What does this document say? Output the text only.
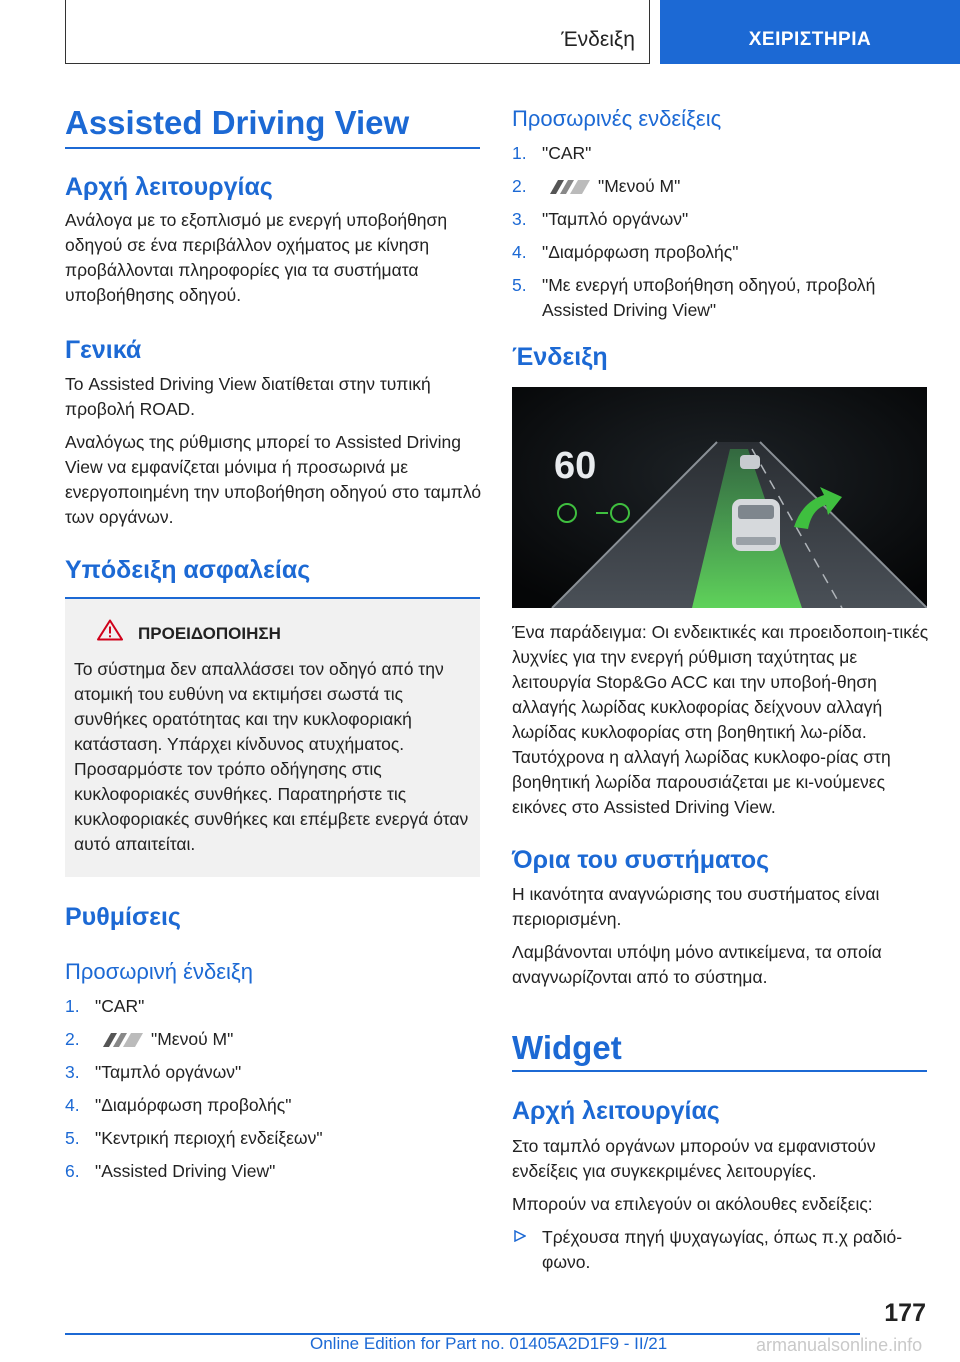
Ένδειξη	ΧΕΙΡΙΣΤΗΡΙΑ
Assisted Driving View
Αρχή λειτουργίας
Ανάλογα με το εξοπλισμό με ενεργή υποβοήθηση οδηγού σε ένα περιβάλλον οχήματος με κίνηση προβάλλονται πληροφορίες για τα συστήματα υποβοήθησης οδηγού.
Γενικά
Το Assisted Driving View διατίθεται στην τυπική προβολή ROAD.
Αναλόγως της ρύθμισης μπορεί το Assisted Driving View να εμφανίζεται μόνιμα ή προσωρινά με ενεργοποιημένη την υποβοήθηση οδηγού στο ταμπλό των οργάνων.
Υπόδειξη ασφαλείας
ΠΡΟΕΙΔΟΠΟΙΗΣΗ
Το σύστημα δεν απαλλάσσει τον οδηγό από την ατομική του ευθύνη να εκτιμήσει σωστά τις συνθήκες ορατότητας και την κυκλοφοριακή κατάσταση. Υπάρχει κίνδυνος ατυχήματος. Προσαρμόστε τον τρόπο οδήγησης στις κυκλοφοριακές συνθήκες. Παρατηρήστε τις κυκλοφοριακές συνθήκες και επέμβετε ενεργά όταν αυτό απαιτείται.
Ρυθμίσεις
Προσωρινή ένδειξη
1. "CAR"
2.	"Μενού M"
3. "Ταμπλό οργάνων"
4. "Διαμόρφωση προβολής"
5. "Κεντρική περιοχή ενδείξεων"
6. "Assisted Driving View"
Προσωρινές ενδείξεις
1. "CAR"
2.	"Μενού M"
3. "Ταμπλό οργάνων"
4. "Διαμόρφωση προβολής"
5. "Με ενεργή υποβοήθηση οδηγού, προβολή Assisted Driving View"
Ένδειξη
60
Ένα παράδειγμα: Οι ενδεικτικές και προειδοποιη-τικές λυχνίες για την ενεργή ρύθμιση ταχύτητας με λειτουργία Stop&Go ACC και την υποβοή-θηση αλλαγής λωρίδας κυκλοφορίας δείχνουν αλλαγή λωρίδας κυκλοφορίας στη βοηθητική λω-ρίδα. Ταυτόχρονα η αλλαγή λωρίδας κυκλοφο-ρίας στη βοηθητική λωρίδα παρουσιάζεται με κι-νούμενες εικόνες στο Assisted Driving View.
Όρια του συστήματος
Η ικανότητα αναγνώρισης του συστήματος είναι περιορισμένη.
Λαμβάνονται υπόψη μόνο αντικείμενα, τα οποία αναγνωρίζονται από το σύστημα.
Widget
Αρχή λειτουργίας
Στο ταμπλό οργάνων μπορούν να εμφανιστούν ενδείξεις για συγκεκριμένες λειτουργίες.
Μπορούν να επιλεγούν οι ακόλουθες ενδείξεις:
Τρέχουσα πηγή ψυχαγωγίας, όπως π.χ ραδιό-φωνο.
177
Online Edition for Part no. 01405A2D1F9 - II/21	armanualsonline.info
